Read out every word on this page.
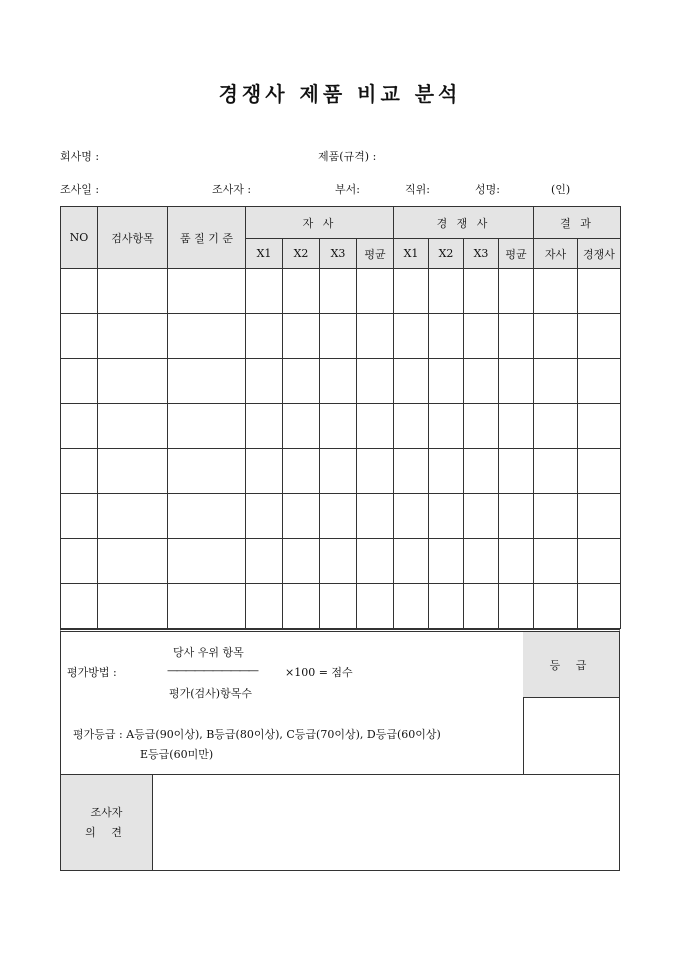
경쟁사 제품 비교 분석
회사명 :	제품(규격) :
조사일 :	조사자 :	부서:	직위:	성명:	(인)
NO	검사항목	품 질 기 준	자 사				경 쟁 사				결 과	
			X1	X2	X3	평균	X1	X2	X3	평균	자사	경쟁사

당사 우위 항목
평가방법 :	——————————	×100 = 점수
평가(검사)항목수
평가등급 : A등급(90이상), B등급(80이상), C등급(70이상), D등급(60이상)
E등급(60미만)
등 급
조사자
의 견
